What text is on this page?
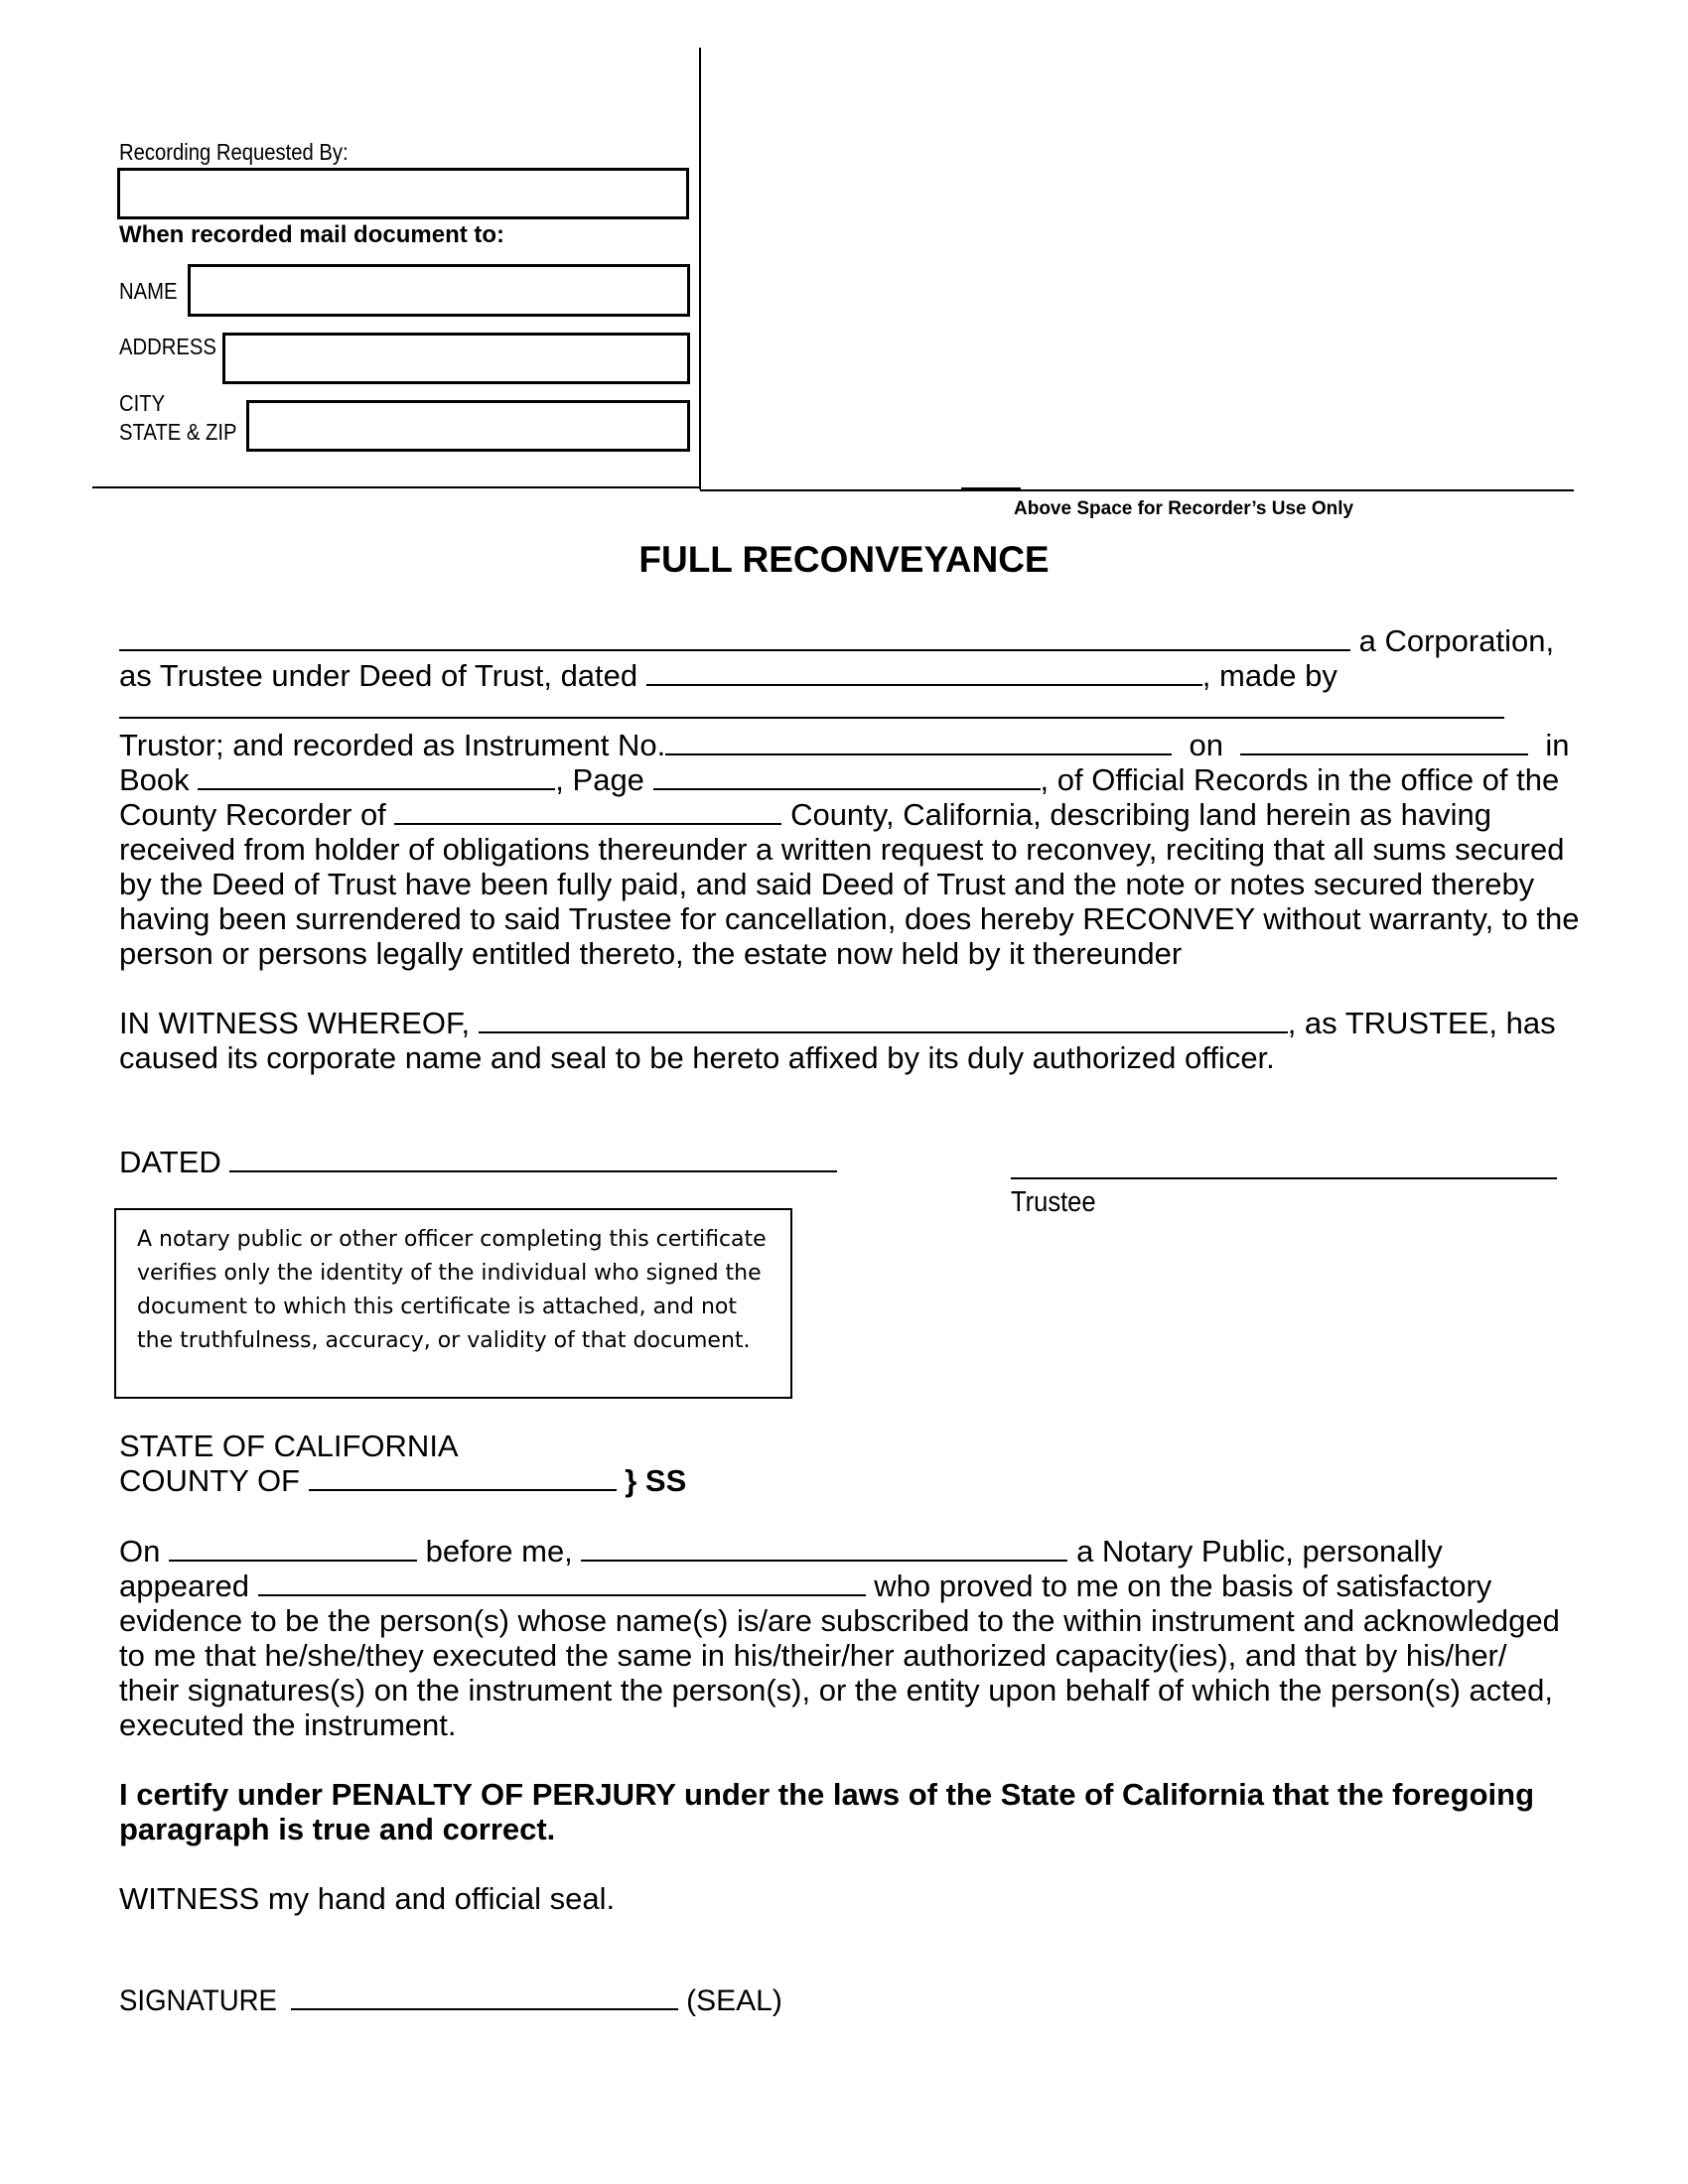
Recording Requested By:
When recorded mail document to:
NAME
ADDRESS
CITY
STATE & ZIP
Above Space for Recorder’s Use Only
FULL RECONVEYANCE
a Corporation,
as Trustee under Deed of Trust, dated	, made by
Trustor; and recorded as Instrument No.	on	in
Book	, Page	, of Official Records in the office of the
County Recorder of	County, California, describing land herein as having
received from holder of obligations thereunder a written request to reconvey, reciting that all sums secured
by the Deed of Trust have been fully paid, and said Deed of Trust and the note or notes secured thereby
having been surrendered to said Trustee for cancellation, does hereby RECONVEY without warranty, to the
person or persons legally entitled thereto, the estate now held by it thereunder
IN WITNESS WHEREOF,	, as TRUSTEE, has
caused its corporate name and seal to be hereto affixed by its duly authorized officer.
DATED
Trustee
A notary public or other officer completing this certificate verifies only the identity of the individual who signed the document to which this certificate is attached, and not the truthfulness, accuracy, or validity of that document.
STATE OF CALIFORNIA
COUNTY OF	} SS
On	before me,	a Notary Public, personally
appeared	who proved to me on the basis of satisfactory
evidence to be the person(s) whose name(s) is/are subscribed to the within instrument and acknowledged
to me that he/she/they executed the same in his/their/her authorized capacity(ies), and that by his/her/
their signatures(s) on the instrument the person(s), or the entity upon behalf of which the person(s) acted,
executed the instrument.
I certify under PENALTY OF PERJURY under the laws of the State of California that the foregoing
paragraph is true and correct.
WITNESS my hand and official seal.
SIGNATURE	(SEAL)
